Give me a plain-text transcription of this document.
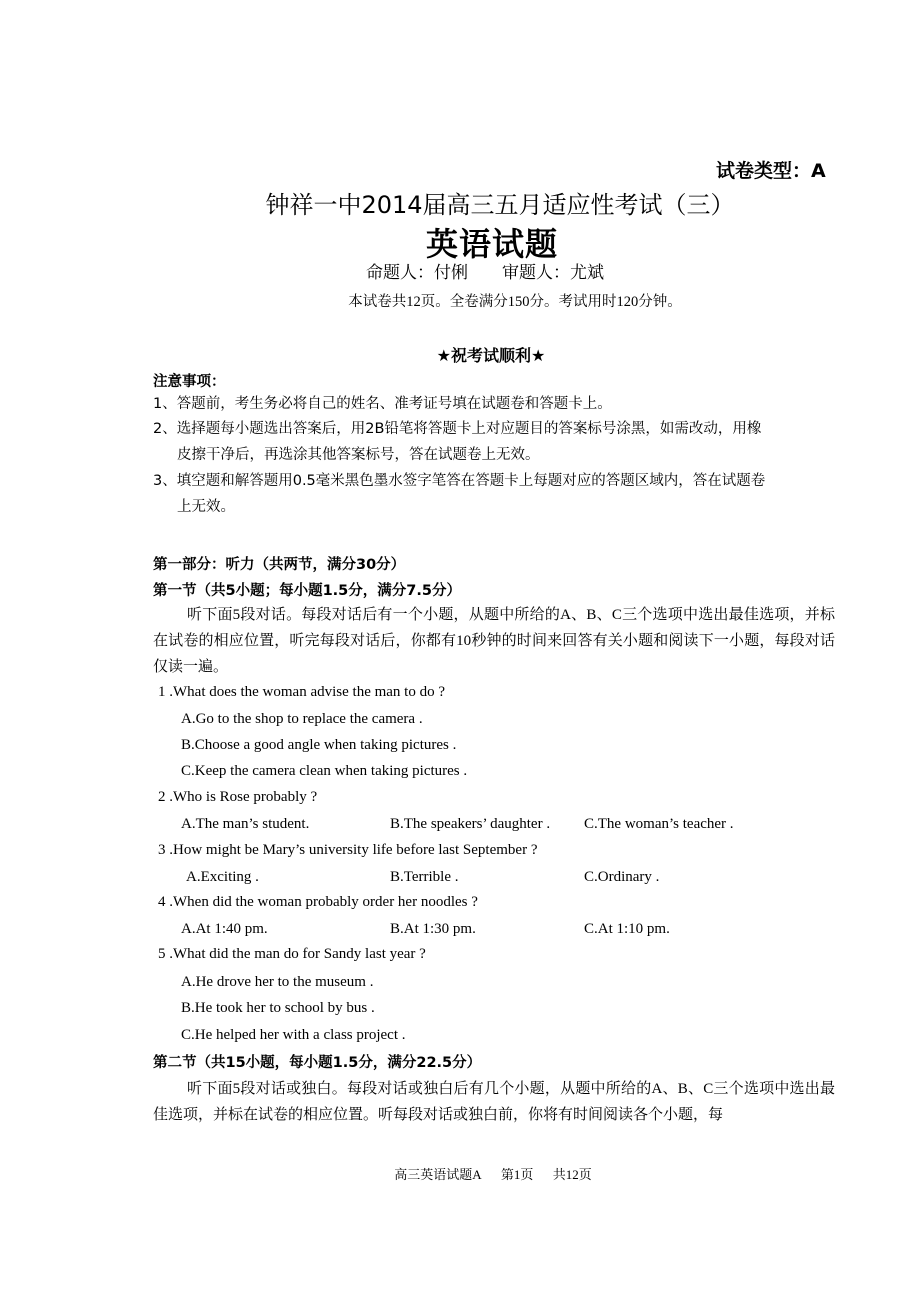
试卷类型：A
钟祥一中2014届高三五月适应性考试（三）
英语试题
命题人：付俐 审题人：尤斌
本试卷共12页。全卷满分150分。考试用时120分钟。
★祝考试顺利★
注意事项：
1、答题前，考生务必将自己的姓名、准考证号填在试题卷和答题卡上。
2、选择题每小题选出答案后，用2B铅笔将答题卡上对应题目的答案标号涂黑，如需改动，用橡
皮擦干净后，再选涂其他答案标号，答在试题卷上无效。
3、填空题和解答题用0.5毫米黑色墨水签字笔答在答题卡上每题对应的答题区域内，答在试题卷
上无效。
第一部分：听力（共两节，满分30分）
第一节（共5小题；每小题1.5分，满分7.5分）
听下面5段对话。每段对话后有一个小题，从题中所给的A、B、C三个选项中选出最佳选项，并标在试卷的相应位置，听完每段对话后，你都有10秒钟的时间来回答有关小题和阅读下一小题，每段对话仅读一遍。
1 .What does the woman advise the man to do ?
A.Go to the shop to replace the camera .
B.Choose a good angle when taking pictures .
C.Keep the camera clean when taking pictures .
2 .Who is Rose probably ?
A.The man’s student.	B.The speakers’ daughter . C.The woman’s teacher .
3 .How might be Mary’s university life before last September ?
A.Exciting .	B.Terrible .	C.Ordinary .
4 .When did the woman probably order her noodles ?
A.At 1:40 pm.	B.At 1:30 pm.	C.At 1:10 pm.
5 .What did the man do for Sandy last year ?
A.He drove her to the museum .
B.He took her to school by bus .
C.He helped her with a class project .
第二节（共15小题，每小题1.5分，满分22.5分）
听下面5段对话或独白。每段对话或独白后有几个小题，从题中所给的A、B、C三个选项中选出最佳选项，并标在试卷的相应位置。听每段对话或独白前，你将有时间阅读各个小题，每
高三英语试题A 第1页 共12页
